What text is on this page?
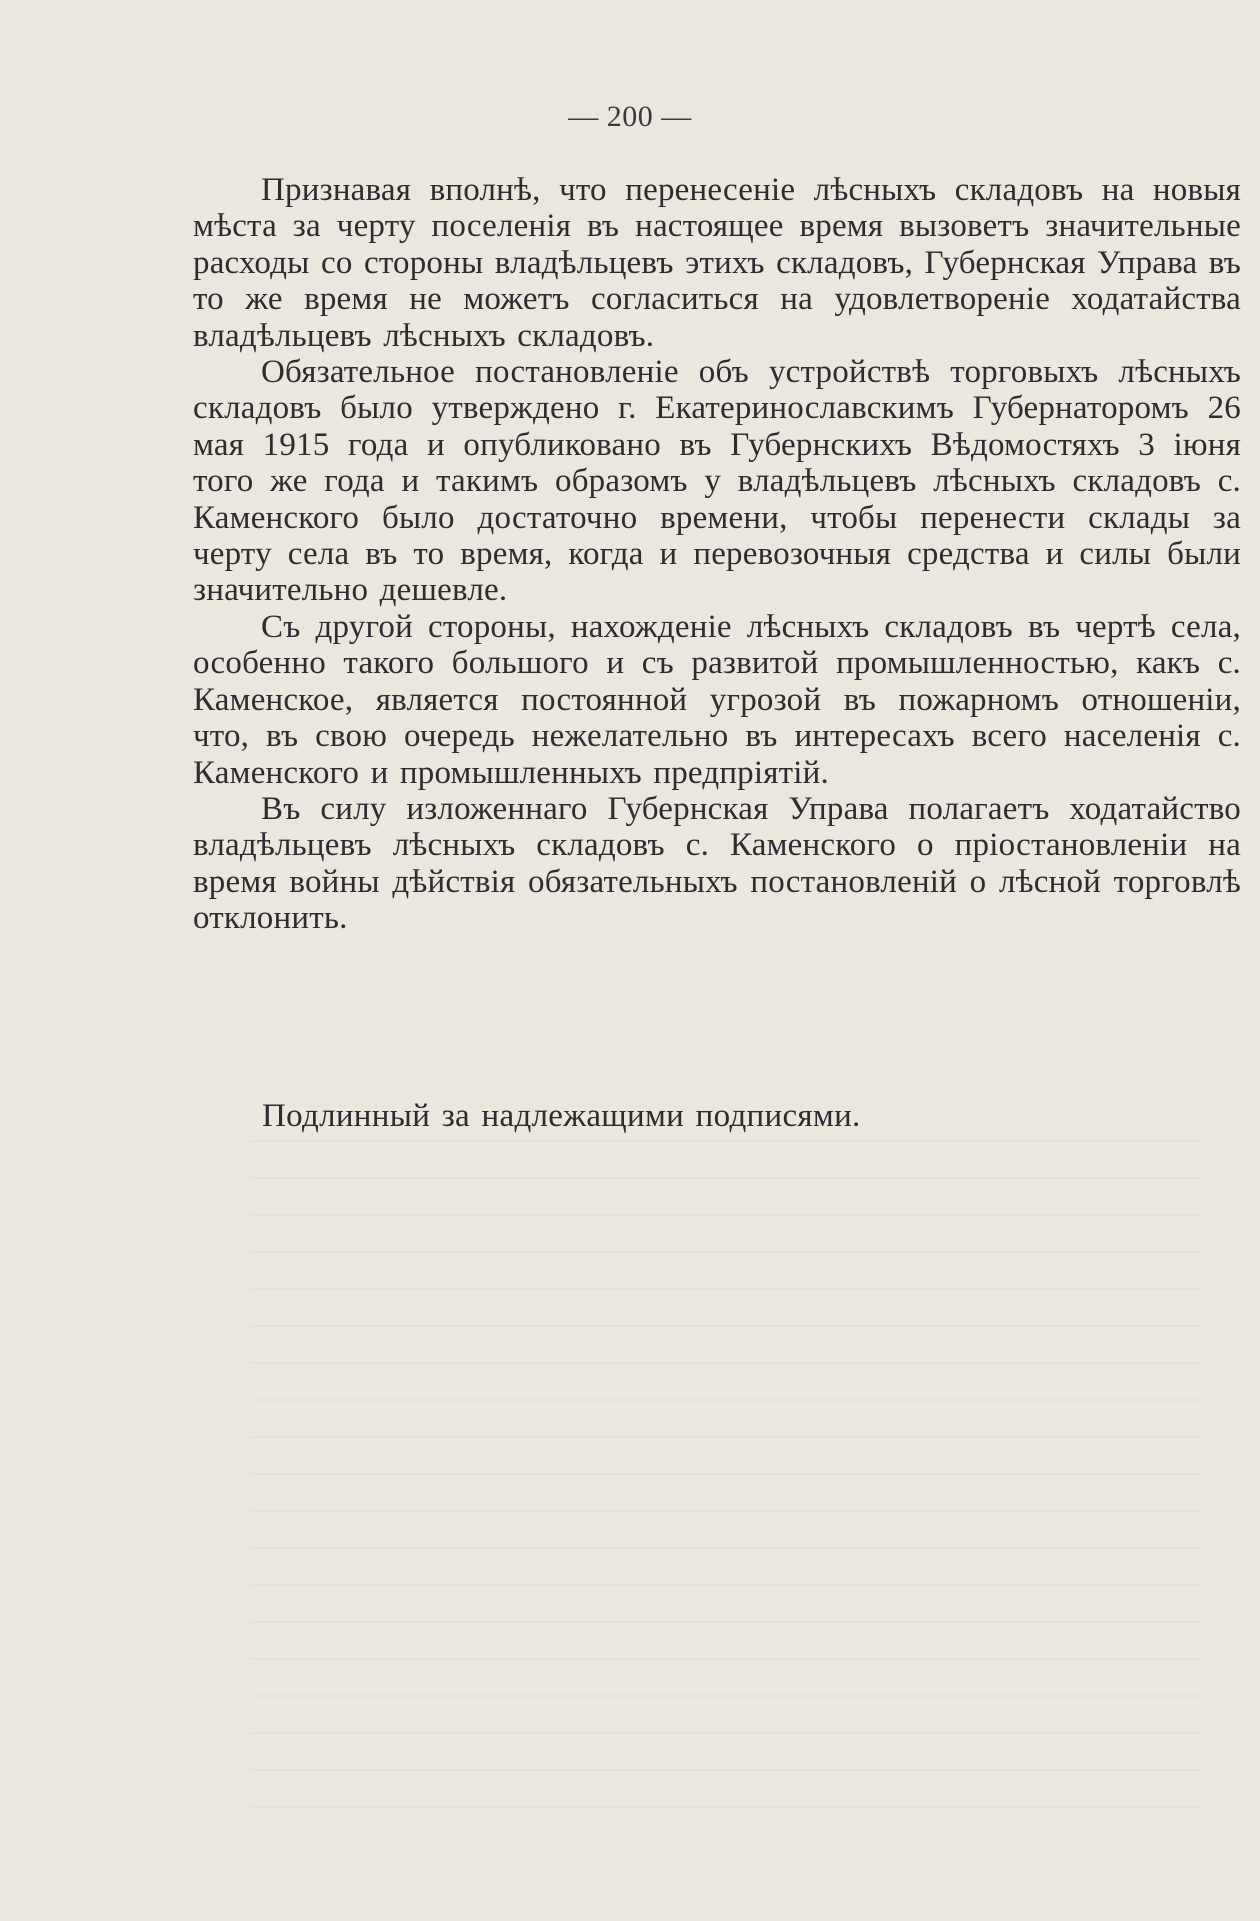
— 200 —

Признавая вполнѣ, что перенесеніе лѣсныхъ складовъ на новыя мѣста за черту поселенія въ настоящее время вызоветъ значительные расходы со стороны владѣльцевъ этихъ складовъ, Губернская Управа въ то же время не можетъ согласиться на удовлетвореніе ходатайства владѣльцевъ лѣсныхъ складовъ.

Обязательное постановленіе объ устройствѣ торговыхъ лѣсныхъ складовъ было утверждено г. Екатеринославскимъ Губернаторомъ 26 мая 1915 года и опубликовано въ Губернскихъ Вѣдомостяхъ 3 іюня того же года и такимъ образомъ у владѣльцевъ лѣсныхъ складовъ с. Каменского было достаточно времени, чтобы перенести склады за черту села въ то время, когда и перевозочныя средства и силы были значительно дешевле.

Съ другой стороны, нахожденіе лѣсныхъ складовъ въ чертѣ села, особенно такого большого и съ развитой промышленностью, какъ с. Каменское, является постоянной угрозой въ пожарномъ отношеніи, что, въ свою очередь нежелательно въ интересахъ всего населенія с. Каменского и промышленныхъ предпріятій.

Въ силу изложеннаго Губернская Управа полагаетъ ходатайство владѣльцевъ лѣсныхъ складовъ с. Каменского о пріостановленіи на время войны дѣйствія обязательныхъ постановленій о лѣсной торговлѣ отклонить.

Подлинный за надлежащими подписями.
